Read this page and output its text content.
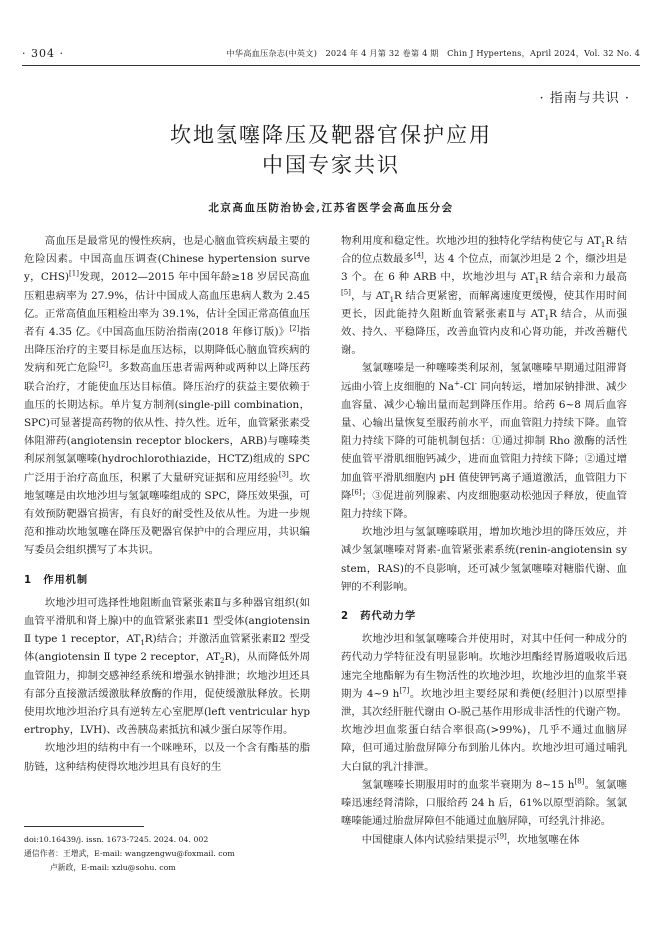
· 304 ·	中华高血压杂志(中英文)　2024 年 4 月第 32 卷第 4 期　Chin J Hypertens，April 2024，Vol. 32 No. 4
· 指南与共识 ·
坎地氢噻降压及靶器官保护应用
中国专家共识
北京高血压防治协会,江苏省医学会高血压分会

高血压是最常见的慢性疾病，也是心脑血管疾病最主要的危险因素。中国高血压调查(Chinese hypertension survey，CHS)[1]发现，2012—2015 年中国年龄≥18 岁居民高血压粗患病率为 27.9%，估计中国成人高血压患病人数为 2.45 亿。正常高值血压粗检出率为 39.1%，估计全国正常高值血压者有 4.35 亿。《中国高血压防治指南(2018 年修订版)》[2]指出降压治疗的主要目标是血压达标，以期降低心脑血管疾病的发病和死亡危险[2]。多数高血压患者需两种或两种以上降压药联合治疗，才能使血压达目标值。降压治疗的获益主要依赖于血压的长期达标。单片复方制剂(single-pill combination，SPC)可显著提高药物的依从性、持久性。近年，血管紧张素受体阻滞药(angiotensin receptor blockers，ARB)与噻嗪类利尿剂氢氯噻嗪(hydrochlorothiazide，HCTZ)组成的 SPC 广泛用于治疗高血压，积累了大量研究证据和应用经验[3]。坎地氢噻是由坎地沙坦与氢氯噻嗪组成的 SPC，降压效果强，可有效预防靶器官损害，有良好的耐受性及依从性。为进一步规范和推动坎地氢噻在降压及靶器官保护中的合理应用，共识编写委员会组织撰写了本共识。

1　作用机制

坎地沙坦可选择性地阻断血管紧张素Ⅱ与多种器官组织(如血管平滑肌和肾上腺)中的血管紧张素Ⅱ1 型受体(angiotensin Ⅱ type 1 receptor，$AT_1R$)结合；并激活血管紧张素Ⅱ2 型受体(angiotensin Ⅱ type 2 receptor，$AT_2R$)，从而降低外周血管阻力，抑制交感神经系统和增强水钠排泄；坎地沙坦还具有部分直接激活缓激肽释放酶的作用，促使缓激肽释放。长期使用坎地沙坦治疗具有逆转左心室肥厚(left ventricular hypertrophy，LVH)、改善胰岛素抵抗和减少蛋白尿等作用。

坎地沙坦的结构中有一个咪唑环，以及一个含有酯基的脂肪链，这种结构使得坎地沙坦具有良好的生

物利用度和稳定性。坎地沙坦的独特化学结构使它与 $AT_1R$ 结合的位点数最多[4]，达 4 个位点，而氯沙坦是 2 个，缬沙坦是 3 个。在 6 种 ARB 中，坎地沙坦与 $AT_1R$ 结合亲和力最高[5]，与 $AT_1R$ 结合更紧密，而解离速度更缓慢，使其作用时间更长，因此能持久阻断血管紧张素Ⅱ与 $AT_1R$ 结合，从而强效、持久、平稳降压，改善血管内皮和心肾功能，并改善糖代谢。

氢氯噻嗪是一种噻嗪类利尿剂，氢氯噻嗪早期通过阻滞肾远曲小管上皮细胞的 Na+-Cl- 同向转运，增加尿钠排泄、减少血容量、减少心输出量而起到降压作用。给药 6~8 周后血容量、心输出量恢复至服药前水平，而血管阻力持续下降。血管阻力持续下降的可能机制包括：①通过抑制 Rho 激酶的活性使血管平滑肌细胞钙减少，进而血管阻力持续下降；②通过增加血管平滑肌细胞内 pH 值使钾钙离子通道激活，血管阻力下降[6]；③促进前列腺素、内皮细胞驱动松弛因子释放，使血管阻力持续下降。

坎地沙坦与氢氯噻嗪联用，增加坎地沙坦的降压效应，并减少氢氯噻嗪对肾素-血管紧张素系统(renin-angiotensin system，RAS)的不良影响，还可减少氢氯噻嗪对糖脂代谢、血钾的不利影响。

2　药代动力学

坎地沙坦和氢氯噻嗪合并使用时，对其中任何一种成分的药代动力学特征没有明显影响。坎地沙坦酯经胃肠道吸收后迅速完全地酯解为有生物活性的坎地沙坦，坎地沙坦的血浆半衰期为 4~9 h[7]。坎地沙坦主要经尿和粪便(经胆汁)以原型排泄，其次经肝脏代谢由 O-脱己基作用形成非活性的代谢产物。坎地沙坦血浆蛋白结合率很高(>99%)，几乎不通过血脑屏障，但可通过胎盘屏障分布到胎儿体内。坎地沙坦可通过哺乳大白鼠的乳汁排泄。

氢氯噻嗪长期服用时的血浆半衰期为 8~15 h[8]。氢氯噻嗪迅速经肾清除，口服给药 24 h 后，61%以原型消除。氢氯噻嗪能通过胎盘屏障但不能通过血脑屏障，可经乳汁排泌。

中国健康人体内试验结果提示[9]，坎地氢噻在体

doi:10.16439/j. issn. 1673-7245. 2024. 04. 002
通信作者：王增武，E-mail: wangzengwu@foxmail. com
卢新政，E-mail: xzlu@sohu. com
